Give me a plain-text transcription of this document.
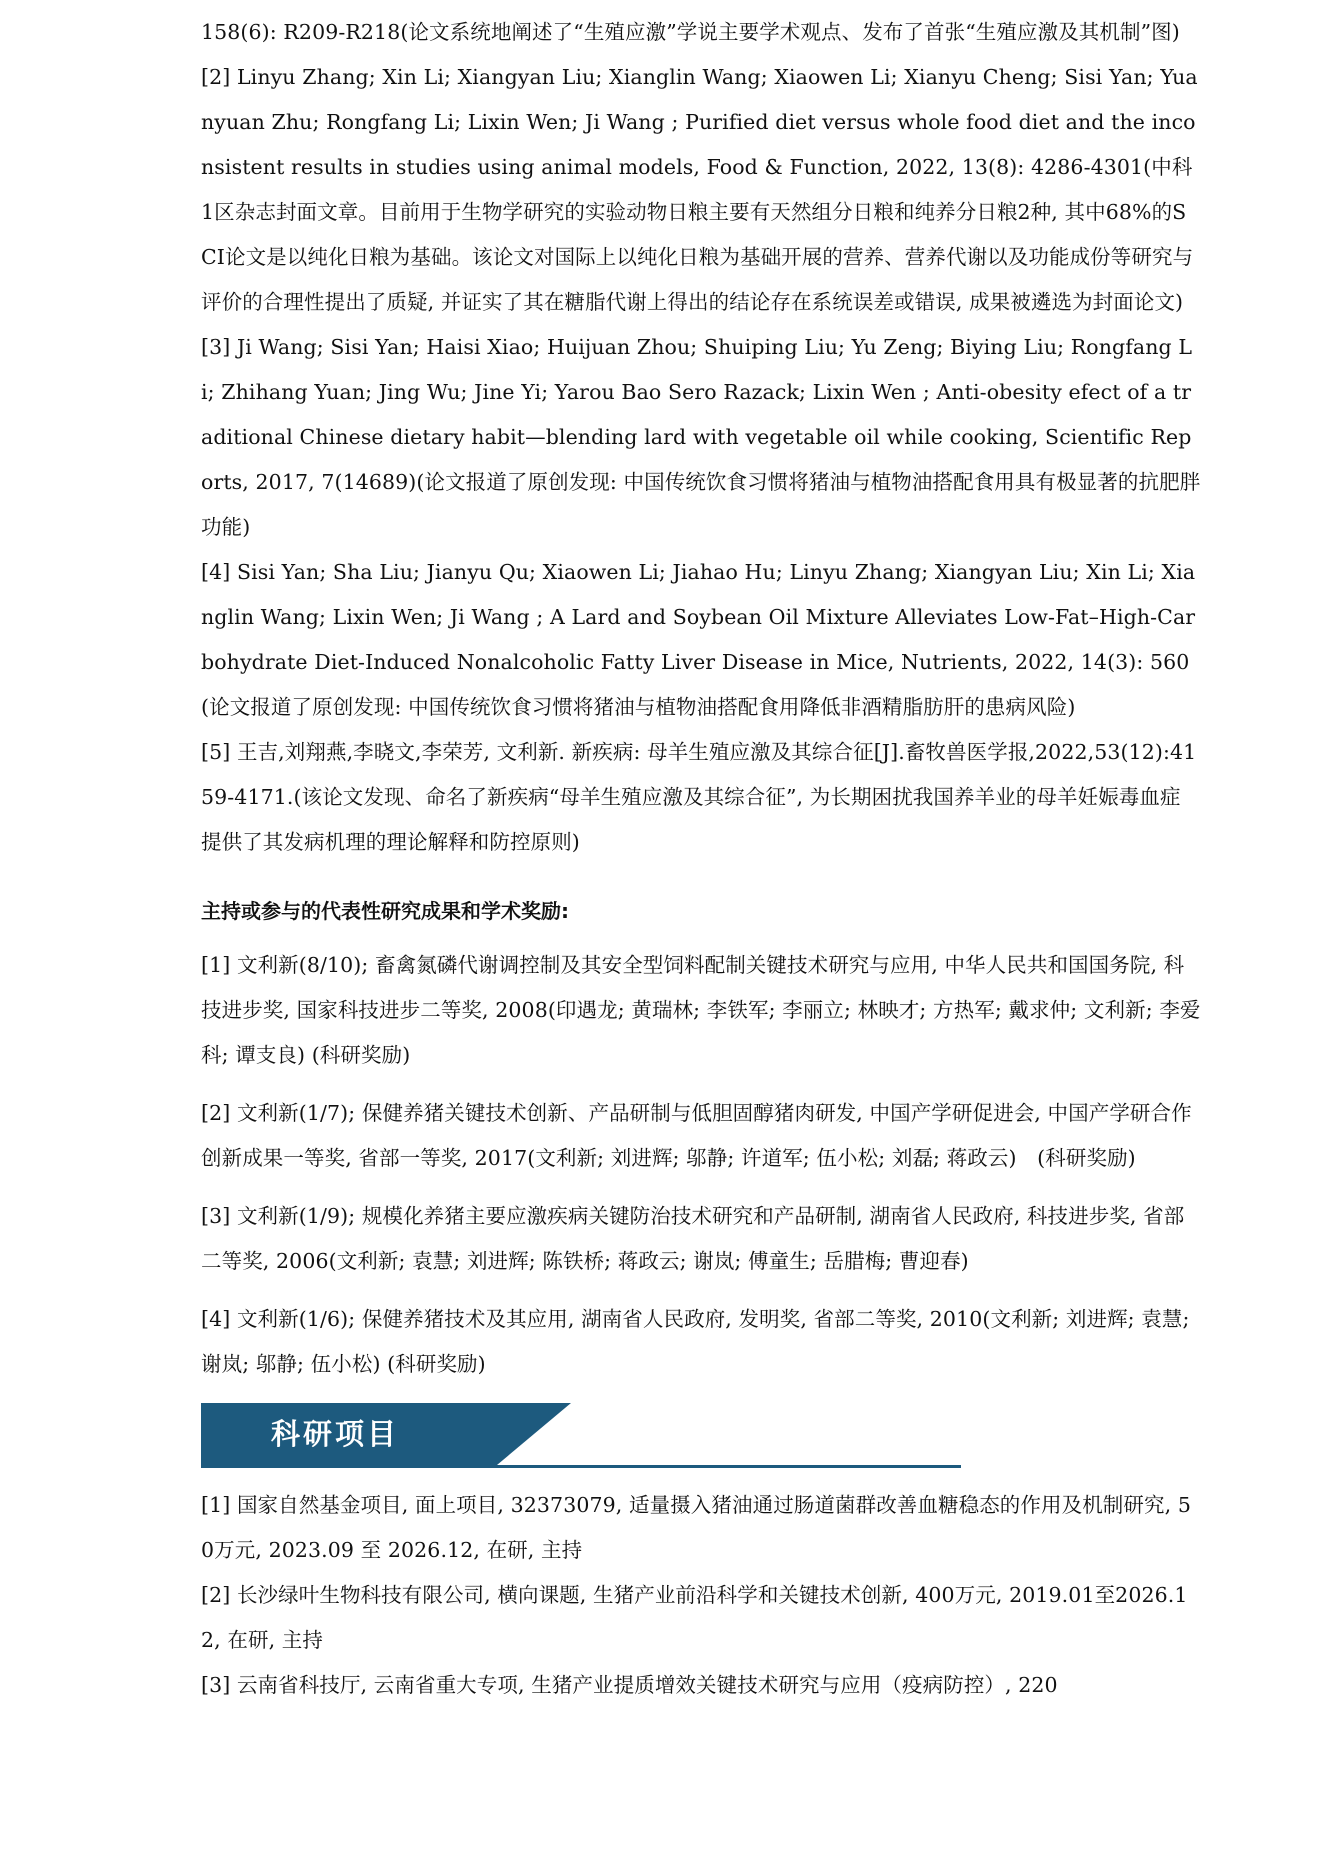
158(6): R209-R218(论文系统地阐述了“生殖应激”学说主要学术观点、发布了首张“生殖应激及其机制”图)

[2] Linyu Zhang; Xin Li; Xiangyan Liu; Xianglin Wang; Xiaowen Li; Xianyu Cheng; Sisi Yan; Yuanyuan Zhu; Rongfang Li; Lixin Wen; Ji Wang ; Purified diet versus whole food diet and the inconsistent results in studies using animal models, Food & Function, 2022, 13(8): 4286-4301(中科1区杂志封面文章。目前用于生物学研究的实验动物日粮主要有天然组分日粮和纯养分日粮2种, 其中68%的SCI论文是以纯化日粮为基础。该论文对国际上以纯化日粮为基础开展的营养、营养代谢以及功能成份等研究与评价的合理性提出了质疑, 并证实了其在糖脂代谢上得出的结论存在系统误差或错误, 成果被遴选为封面论文)

[3] Ji Wang; Sisi Yan; Haisi Xiao; Huijuan Zhou; Shuiping Liu; Yu Zeng; Biying Liu; Rongfang Li; Zhihang Yuan; Jing Wu; Jine Yi; Yarou Bao Sero Razack; Lixin Wen ; Anti-obesity efect of a traditional Chinese dietary habit—blending lard with vegetable oil while cooking, Scientific Reports, 2017, 7(14689)(论文报道了原创发现: 中国传统饮食习惯将猪油与植物油搭配食用具有极显著的抗肥胖功能)

[4] Sisi Yan; Sha Liu; Jianyu Qu; Xiaowen Li; Jiahao Hu; Linyu Zhang; Xiangyan Liu; Xin Li; Xianglin Wang; Lixin Wen; Ji Wang ; A Lard and Soybean Oil Mixture Alleviates Low-Fat–High-Carbohydrate Diet-Induced Nonalcoholic Fatty Liver Disease in Mice, Nutrients, 2022, 14(3): 560(论文报道了原创发现: 中国传统饮食习惯将猪油与植物油搭配食用降低非酒精脂肪肝的患病风险)

[5] 王吉,刘翔燕,李晓文,李荣芳, 文利新. 新疾病: 母羊生殖应激及其综合征[J].畜牧兽医学报,2022,53(12):4159-4171.(该论文发现、命名了新疾病“母羊生殖应激及其综合征”, 为长期困扰我国养羊业的母羊妊娠毒血症提供了其发病机理的理论解释和防控原则)

主持或参与的代表性研究成果和学术奖励:

[1] 文利新(8/10); 畜禽氮磷代谢调控制及其安全型饲料配制关键技术研究与应用, 中华人民共和国国务院, 科技进步奖, 国家科技进步二等奖, 2008(印遇龙; 黄瑞林; 李铁军; 李丽立; 林映才; 方热军; 戴求仲; 文利新; 李爱科; 谭支良) (科研奖励)

[2] 文利新(1/7); 保健养猪关键技术创新、产品研制与低胆固醇猪肉研发, 中国产学研促进会, 中国产学研合作创新成果一等奖, 省部一等奖, 2017(文利新; 刘进辉; 邬静; 许道军; 伍小松; 刘磊; 蒋政云)　(科研奖励)

[3] 文利新(1/9); 规模化养猪主要应激疾病关键防治技术研究和产品研制, 湖南省人民政府, 科技进步奖, 省部二等奖, 2006(文利新; 袁慧; 刘进辉; 陈铁桥; 蒋政云; 谢岚; 傅童生; 岳腊梅; 曹迎春)

[4] 文利新(1/6); 保健养猪技术及其应用, 湖南省人民政府, 发明奖, 省部二等奖, 2010(文利新; 刘进辉; 袁慧; 谢岚; 邬静; 伍小松) (科研奖励)

科研项目

[1] 国家自然基金项目, 面上项目, 32373079, 适量摄入猪油通过肠道菌群改善血糖稳态的作用及机制研究, 50万元, 2023.09 至 2026.12, 在研, 主持

[2] 长沙绿叶生物科技有限公司, 横向课题, 生猪产业前沿科学和关键技术创新, 400万元, 2019.01至2026.12, 在研, 主持

[3] 云南省科技厅, 云南省重大专项, 生猪产业提质增效关键技术研究与应用（疫病防控）, 220
